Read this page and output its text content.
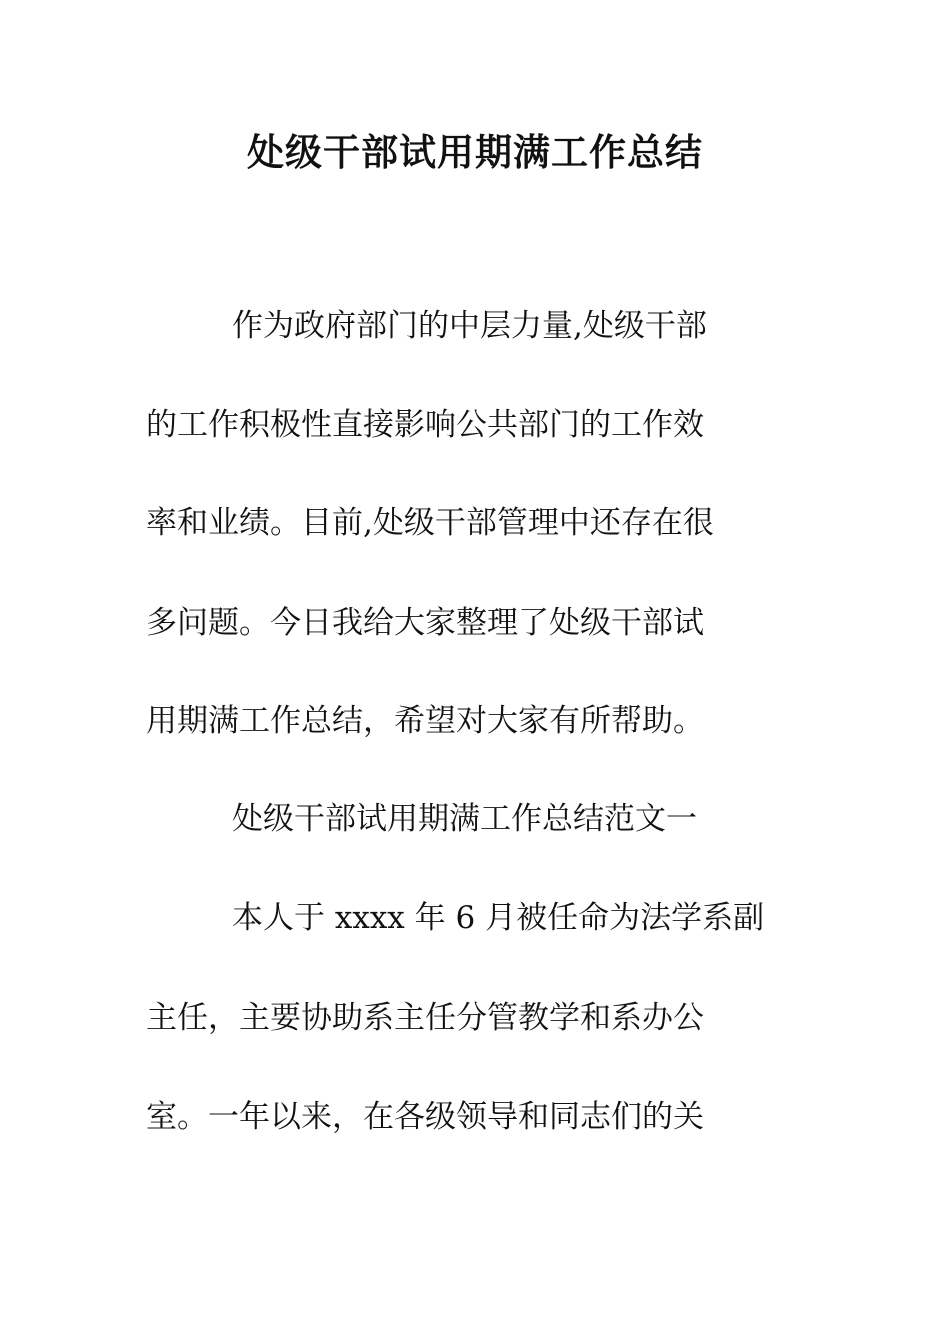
处级干部试用期满工作总结

作为政府部门的中层力量,处级干部

的工作积极性直接影响公共部门的工作效

率和业绩。目前,处级干部管理中还存在很

多问题。今日我给大家整理了处级干部试

用期满工作总结，希望对大家有所帮助。

处级干部试用期满工作总结范文一

本人于 xxxx 年 6 月被任命为法学系副

主任，主要协助系主任分管教学和系办公

室。一年以来，在各级领导和同志们的关
